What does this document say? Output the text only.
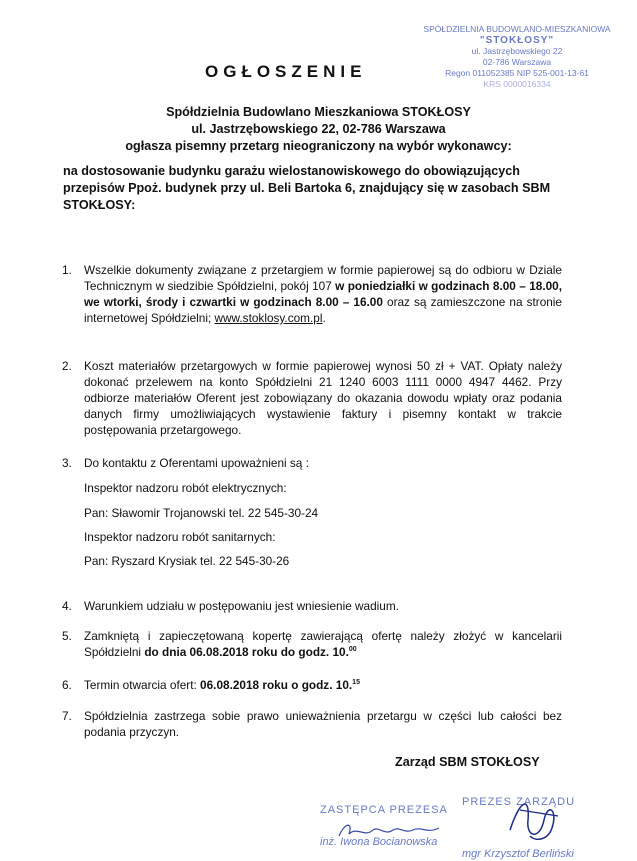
SPÓŁDZIELNIA BUDOWLANO-MIESZKANIOWA
"STOKŁOSY"
ul. Jastrzębowskiego 22
02-786 Warszawa
Regon 011052385 NIP 525-001-13-61
KRS 0000016334
OGŁOSZENIE
Spółdzielnia Budowlano Mieszkaniowa STOKŁOSY
ul. Jastrzębowskiego 22, 02-786 Warszawa
ogłasza pisemny przetarg nieograniczony na wybór wykonawcy:
na dostosowanie budynku garażu wielostanowiskowego do obowiązujących przepisów Ppoż. budynek przy ul. Beli Bartoka 6, znajdujący się w zasobach SBM STOKŁOSY:
1. Wszelkie dokumenty związane z przetargiem w formie papierowej są do odbioru w Dziale Technicznym w siedzibie Spółdzielni, pokój 107 w poniedziałki w godzinach 8.00 – 18.00, we wtorki, środy i czwartki w godzinach 8.00 – 16.00 oraz są zamieszczone na stronie internetowej Spółdzielni; www.stoklosy.com.pl.
2. Koszt materiałów przetargowych w formie papierowej wynosi 50 zł + VAT. Opłaty należy dokonać przelewem na konto Spółdzielni 21 1240 6003 1111 0000 4947 4462. Przy odbiorze materiałów Oferent jest zobowiązany do okazania dowodu wpłaty oraz podania danych firmy umożliwiających wystawienie faktury i pisemny kontakt w trakcie postępowania przetargowego.
3. Do kontaktu z Oferentami upoważnieni są :
Inspektor nadzoru robót elektrycznych:
Pan: Sławomir Trojanowski tel. 22 545-30-24
Inspektor nadzoru robót sanitarnych:
Pan: Ryszard Krysiak tel. 22 545-30-26
4. Warunkiem udziału w postępowaniu jest wniesienie wadium.
5. Zamkniętą i zapieczętowaną kopertę zawierającą ofertę należy złożyć w kancelarii Spółdzielni do dnia 06.08.2018 roku do godz. 10.00
6. Termin otwarcia ofert: 06.08.2018 roku o godz. 10.15
7. Spółdzielnia zastrzega sobie prawo unieważnienia przetargu w części lub całości bez podania przyczyn.
Zarząd SBM STOKŁOSY
ZASTĘPCA PREZESA
inż. Iwona Bocianowska
PREZES ZARZĄDU
mgr Krzysztof Berliński
